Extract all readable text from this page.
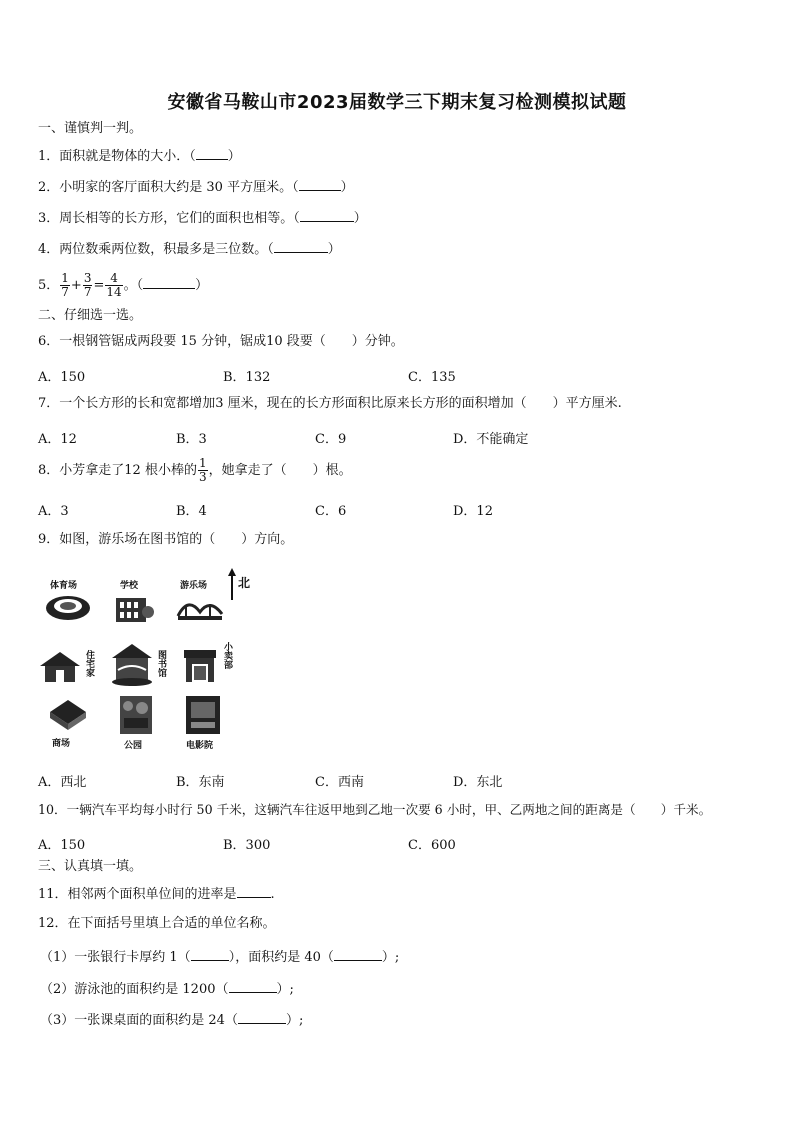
安徽省马鞍山市2023届数学三下期末复习检测模拟试题
一、谨慎判一判。
1．面积就是物体的大小．（ ）
2．小明家的客厅面积大约是 30 平方厘米。（	）
3．周长相等的长方形，它们的面积也相等。（	）
4．两位数乘两位数，积最多是三位数。（	）
5． $\frac{1}{7} + \frac{3}{7} = \frac{4}{14}$ 。（	）
二、仔细选一选。
6．一根钢管锯成两段要 15 分钟，锯成10 段要（　　）分钟。
A．150	B．132	C．135
7．一个长方形的长和宽都增加3 厘米，现在的长方形面积比原来长方形的面积增加（　　）平方厘米.
A．12	B．3	C．9	D．不能确定
8．小芳拿走了12 根小棒的 $\frac{1}{3}$ ，她拿走了（　　）根。
A．3	B．4	C．6	D．12
9．如图，游乐场在图书馆的（　　）方向。
北
体育场	学校	游乐场
住宅家	图书馆	小卖部
商场	公园	电影院
A．西北	B．东南	C．西南	D．东北
10．一辆汽车平均每小时行 50 千米，这辆汽车往返甲地到乙地一次要 6 小时，甲、乙两地之间的距离是（　　）千米。
A．150	B．300	C．600
三、认真填一填。
11．相邻两个面积单位间的进率是	.
12．在下面括号里填上合适的单位名称。
（1）一张银行卡厚约 1（	），面积约是 40（	）;
（2）游泳池的面积约是 1200（	）;
（3）一张课桌面的面积约是 24（	）;
